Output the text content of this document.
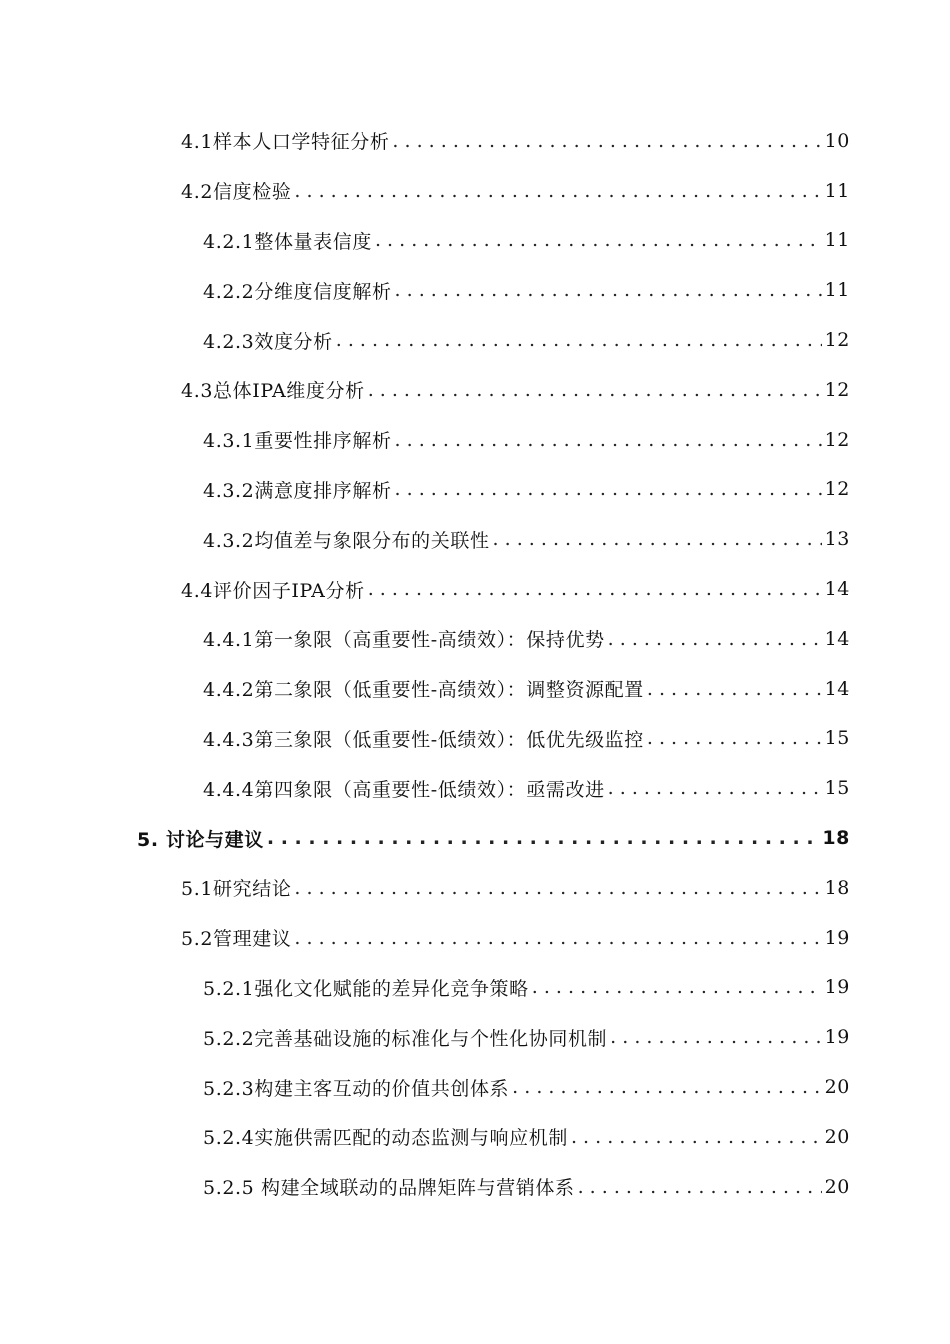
4.1样本人口学特征分析 . . .	10
4.2信度检验 . . .	11
4.2.1整体量表信度 . . .	11
4.2.2分维度信度解析 . . .	11
4.2.3效度分析 . . .	12
4.3总体IPA维度分析 . . .	12
4.3.1重要性排序解析 . . .	12
4.3.2满意度排序解析 . . .	12
4.3.2均值差与象限分布的关联性 . . .	13
4.4评价因子IPA分析 . . .	14
4.4.1第一象限（高重要性-高绩效）：保持优势 . . .	14
4.4.2第二象限（低重要性-高绩效）：调整资源配置 . . .	14
4.4.3第三象限（低重要性-低绩效）：低优先级监控 . . .	15
4.4.4第四象限（高重要性-低绩效）：亟需改进 . . .	15
5. 讨论与建议 . . .	18
5.1研究结论 . . .	18
5.2管理建议 . . .	19
5.2.1强化文化赋能的差异化竞争策略 . . .	19
5.2.2完善基础设施的标准化与个性化协同机制 . . .	19
5.2.3构建主客互动的价值共创体系 . . .	20
5.2.4实施供需匹配的动态监测与响应机制 . . .	20
5.2.5 构建全域联动的品牌矩阵与营销体系 . . .	20
